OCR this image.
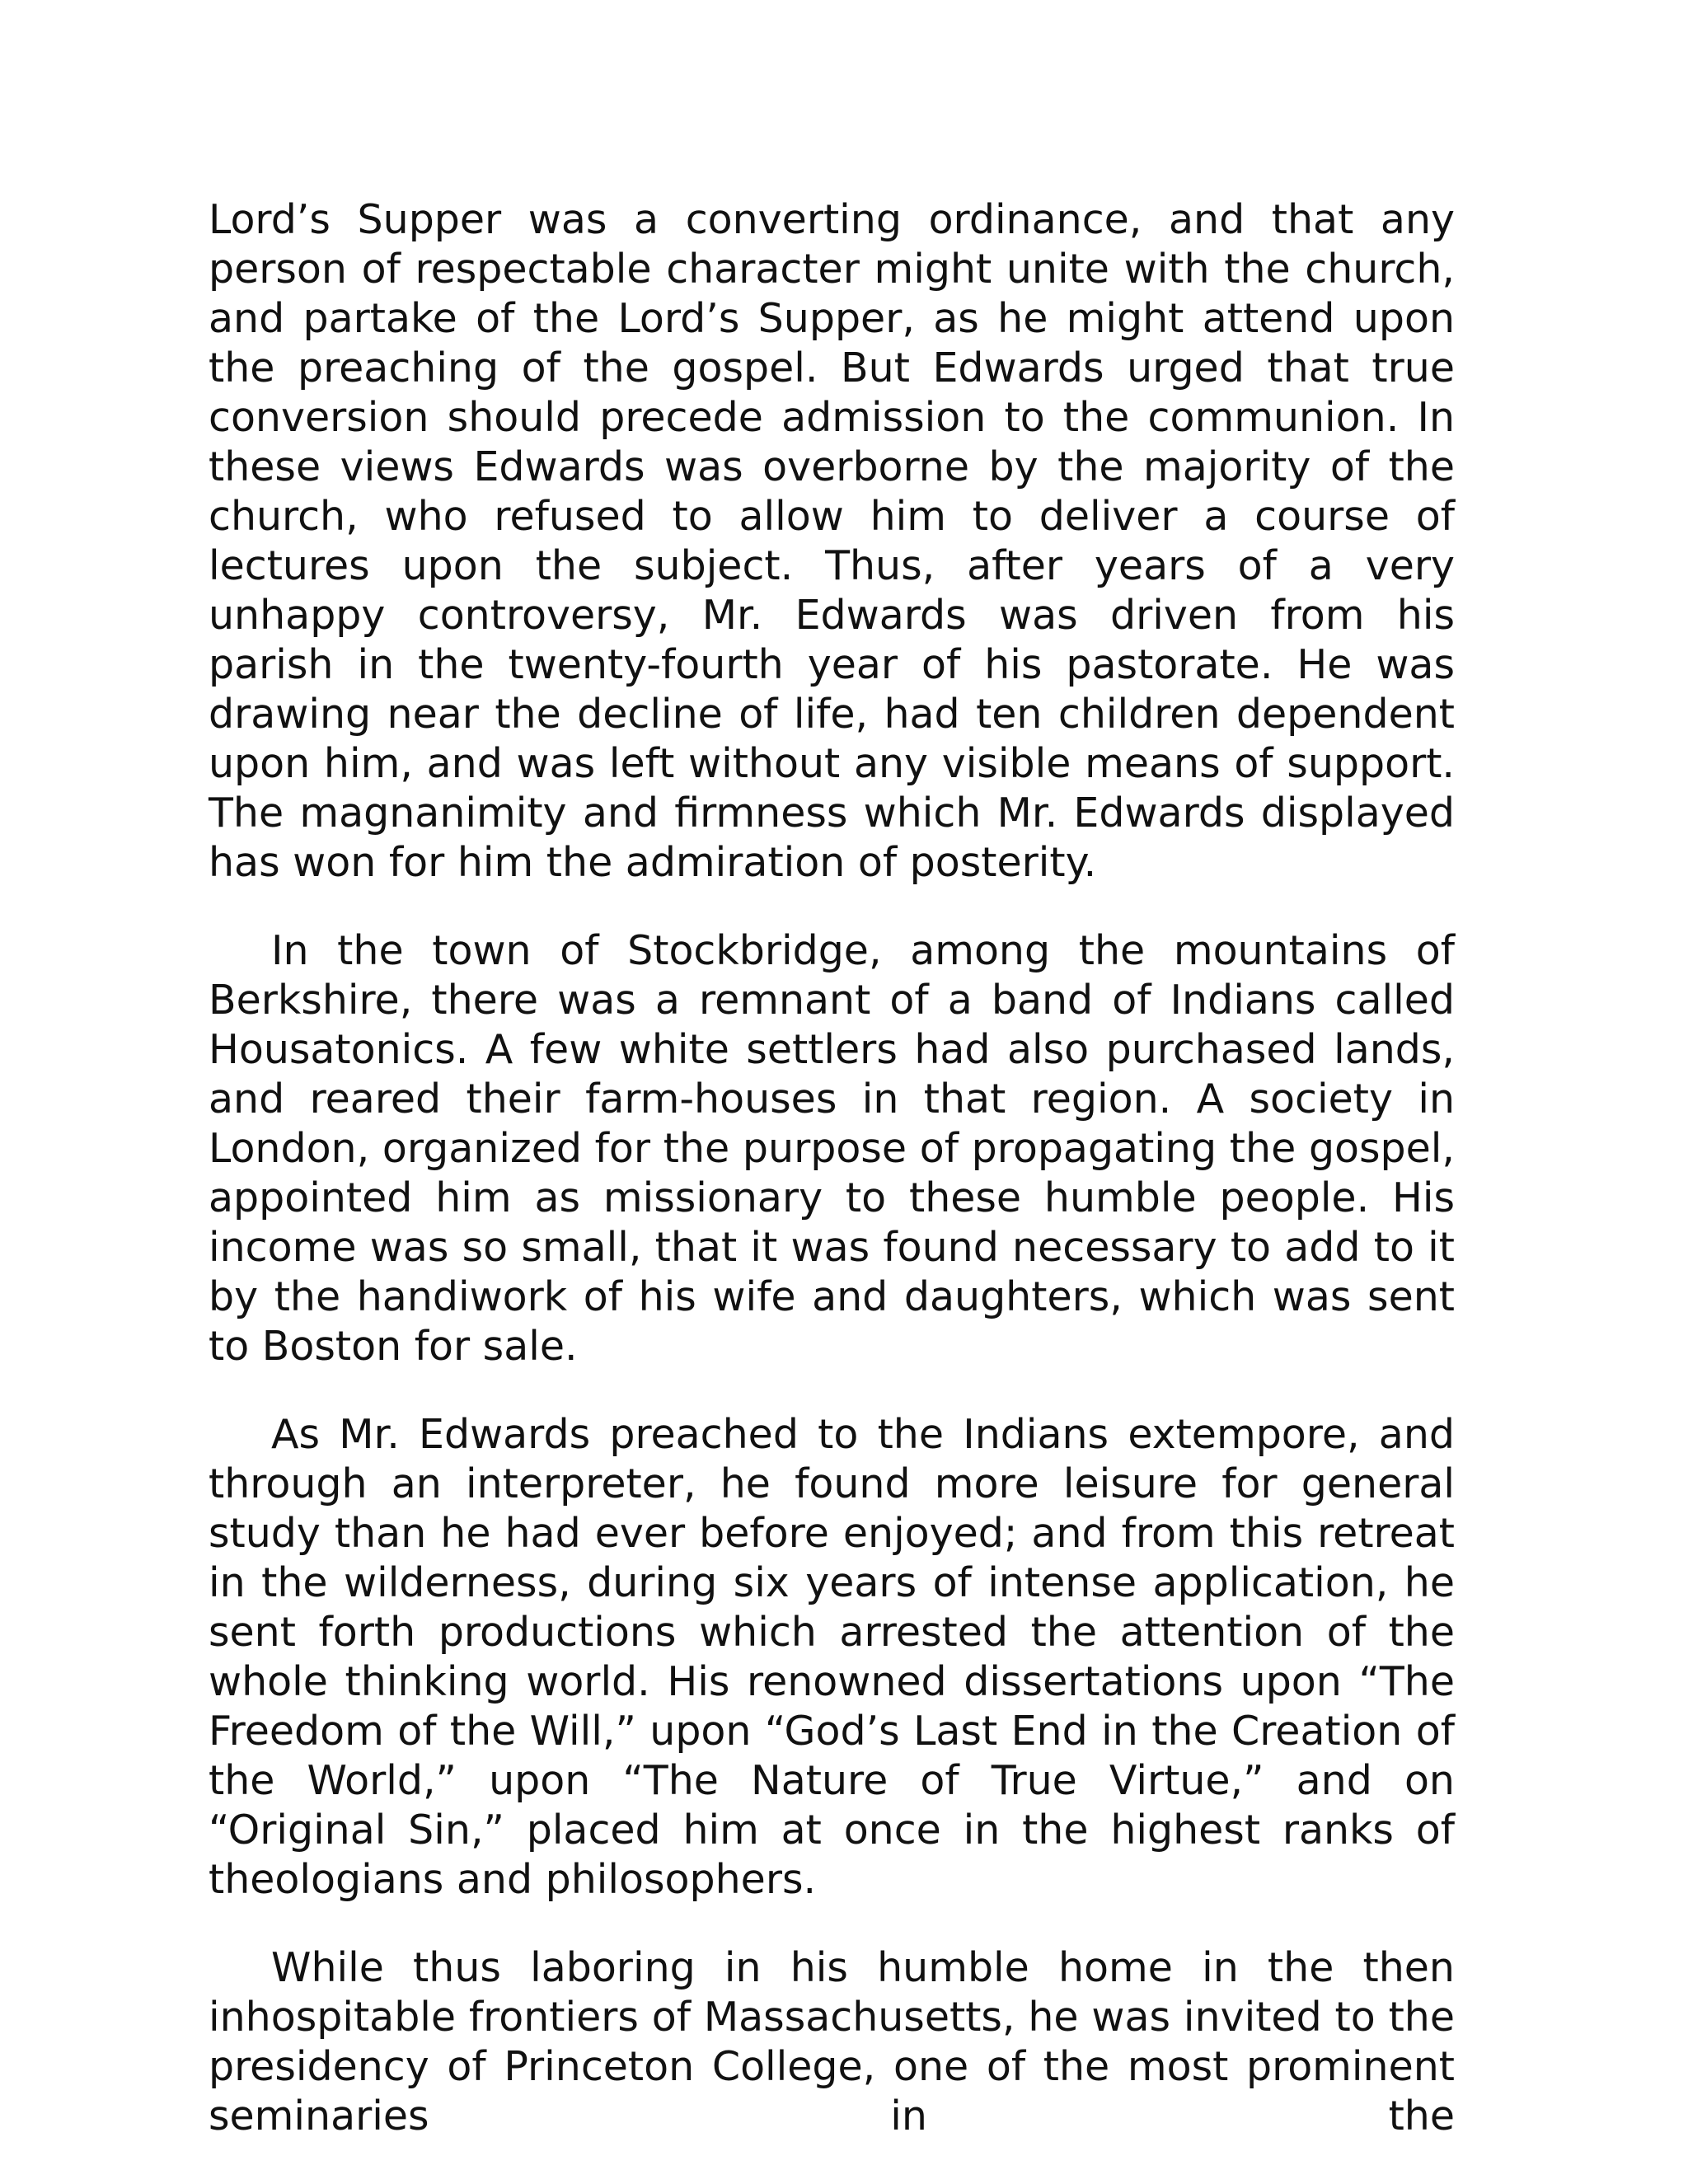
Lord’s Supper was a converting ordinance, and that any person of respectable character might unite with the church, and partake of the Lord’s Supper, as he might attend upon the preaching of the gospel. But Edwards urged that true conversion should precede admission to the communion. In these views Edwards was overborne by the majority of the church, who refused to allow him to deliver a course of lectures upon the subject. Thus, after years of a very unhappy controversy, Mr. Edwards was driven from his parish in the twenty-fourth year of his pastorate. He was drawing near the decline of life, had ten children dependent upon him, and was left without any visible means of support. The magnanimity and firmness which Mr. Edwards displayed has won for him the admiration of posterity.

In the town of Stockbridge, among the mountains of Berkshire, there was a remnant of a band of Indians called Housatonics. A few white settlers had also purchased lands, and reared their farm-houses in that region. A society in London, organized for the purpose of propagating the gospel, appointed him as missionary to these humble people. His income was so small, that it was found necessary to add to it by the handiwork of his wife and daughters, which was sent to Boston for sale.

As Mr. Edwards preached to the Indians extempore, and through an interpreter, he found more leisure for general study than he had ever before enjoyed; and from this retreat in the wilderness, during six years of intense application, he sent forth productions which arrested the attention of the whole thinking world. His renowned dissertations upon “The Freedom of the Will,” upon “God’s Last End in the Creation of the World,” upon “The Nature of True Virtue,” and on “Original Sin,” placed him at once in the highest ranks of theologians and philosophers.

While thus laboring in his humble home in the then inhospitable frontiers of Massachusetts, he was invited to the presidency of Princeton College, one of the most prominent seminaries in the
